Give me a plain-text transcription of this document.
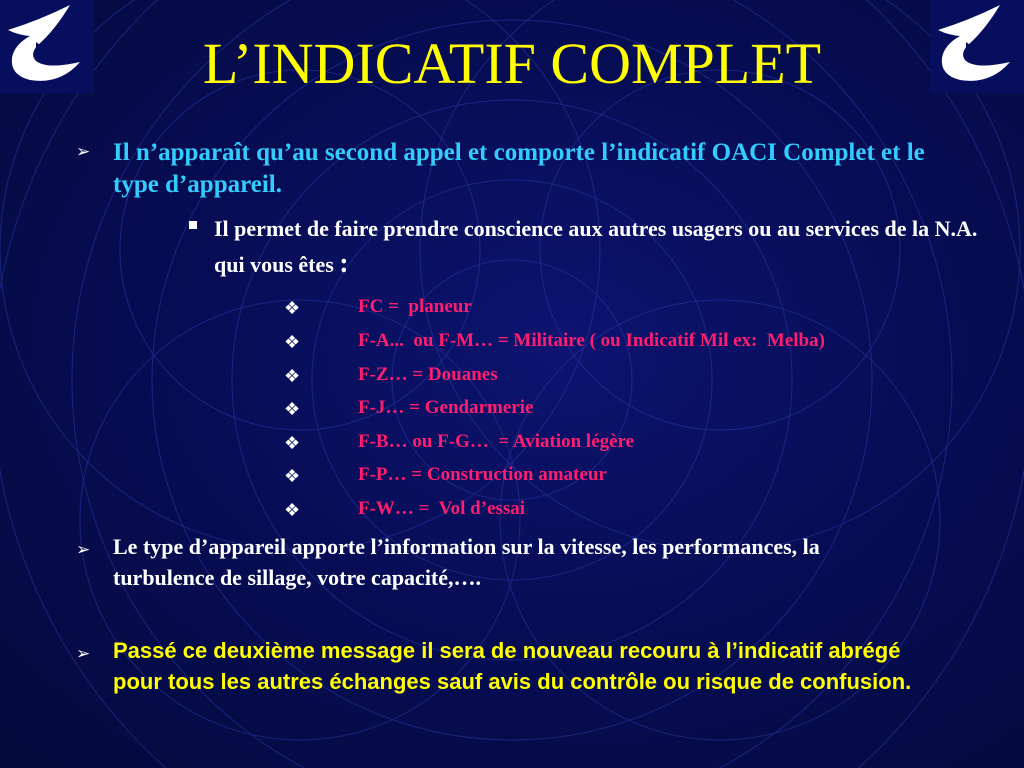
L’INDICATIF COMPLET
➢ Il n’apparaît qu’au second appel et comporte l’indicatif OACI Complet et le type d’appareil.
Il permet de faire prendre conscience aux autres usagers ou au services de la N.A. qui vous êtes :
❖	FC =  planeur
❖	F-A...  ou F-M… = Militaire ( ou Indicatif Mil ex:  Melba)
❖	F-Z… = Douanes
❖	F-J… = Gendarmerie
❖	F-B… ou F-G…  = Aviation légère
❖	F-P… = Construction amateur
❖	F-W… =  Vol d’essai
➢ Le type d’appareil apporte l’information sur la vitesse, les performances, la turbulence de sillage, votre capacité,….
➢ Passé ce deuxième message il sera de nouveau recouru à l’indicatif abrégé pour tous les autres échanges sauf avis du contrôle ou risque de confusion.
